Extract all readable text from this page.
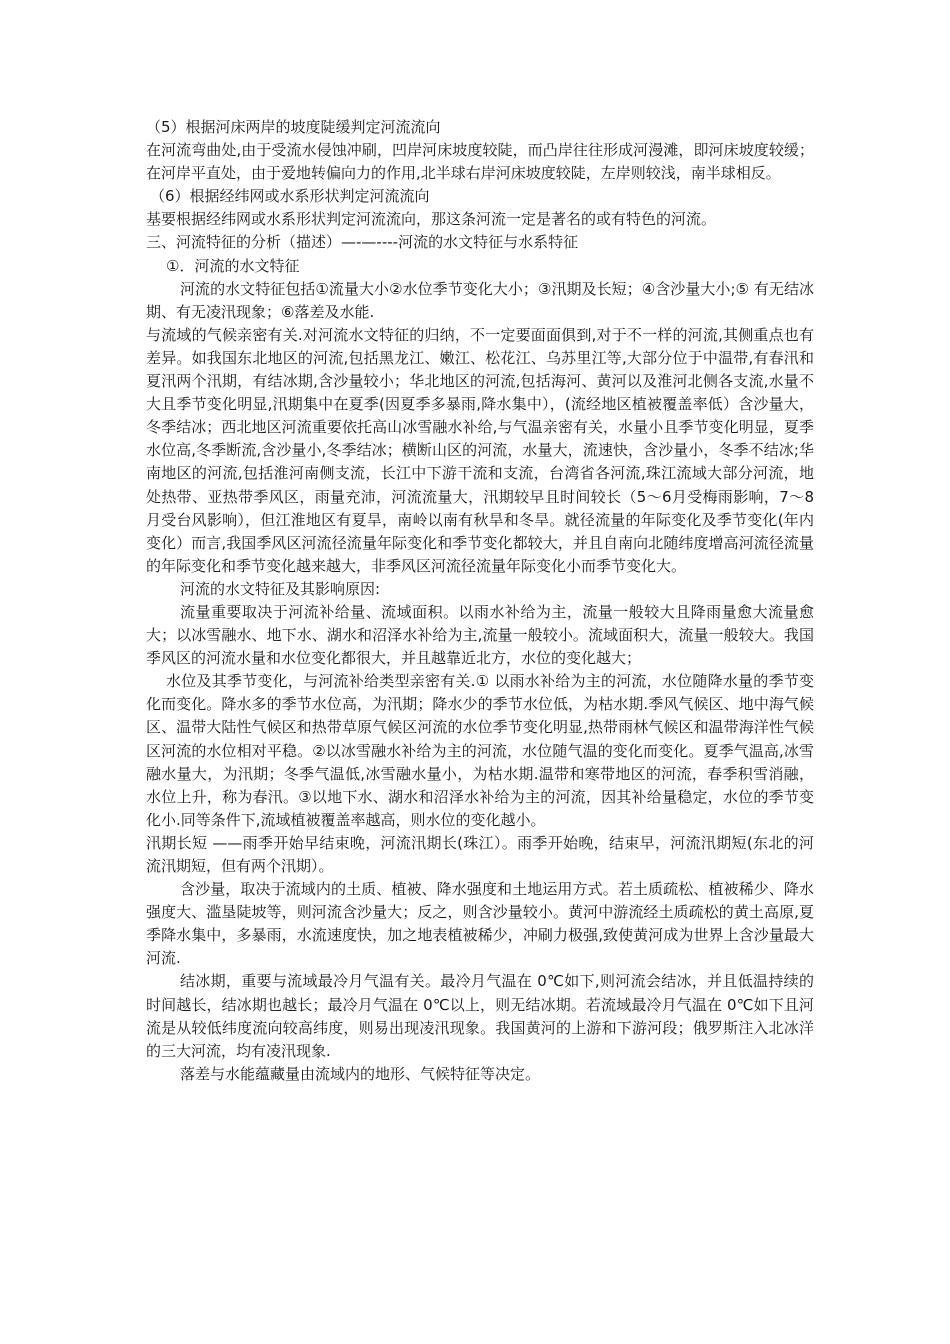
（5）根据河床两岸的坡度陡缓判定河流流向

在河流弯曲处,由于受流水侵蚀冲刷，凹岸河床坡度较陡，而凸岸往往形成河漫滩，即河床坡度较缓；在河岸平直处，由于爱地转偏向力的作用,北半球右岸河床坡度较陡，左岸则较浅，南半球相反。

（6）根据经纬网或水系形状判定河流流向

基要根据经纬网或水系形状判定河流流向，那这条河流一定是著名的或有特色的河流。

三、河流特征的分析（描述）—-—----河流的水文特征与水系特征

①．河流的水文特征

河流的水文特征包括①流量大小②水位季节变化大小；③汛期及长短；④含沙量大小;⑤ 有无结冰期、有无凌汛现象；⑥落差及水能.

与流域的气候亲密有关.对河流水文特征的归纳，不一定要面面俱到,对于不一样的河流,其侧重点也有差异。如我国东北地区的河流,包括黑龙江、嫩江、松花江、乌苏里江等,大部分位于中温带,有春汛和夏汛两个汛期，有结冰期,含沙量较小；华北地区的河流,包括海河、黄河以及淮河北侧各支流,水量不大且季节变化明显,汛期集中在夏季(因夏季多暴雨,降水集中），(流经地区植被覆盖率低）含沙量大，冬季结冰；西北地区河流重要依托高山冰雪融水补给,与气温亲密有关，水量小且季节变化明显，夏季水位高,冬季断流,含沙量小,冬季结冰；横断山区的河流，水量大，流速快，含沙量小，冬季不结冰;华南地区的河流,包括淮河南侧支流，长江中下游干流和支流，台湾省各河流,珠江流域大部分河流，地处热带、亚热带季风区，雨量充沛，河流流量大，汛期较早且时间较长（5～6月受梅雨影响，7～8月受台风影响），但江淮地区有夏旱，南岭以南有秋旱和冬旱。就径流量的年际变化及季节变化(年内变化）而言,我国季风区河流径流量年际变化和季节变化都较大，并且自南向北随纬度增高河流径流量的年际变化和季节变化越来越大，非季风区河流径流量年际变化小而季节变化大。

河流的水文特征及其影响原因:

流量重要取决于河流补给量、流域面积。以雨水补给为主，流量一般较大且降雨量愈大流量愈大；以冰雪融水、地下水、湖水和沼泽水补给为主,流量一般较小。流域面积大，流量一般较大。我国季风区的河流水量和水位变化都很大，并且越靠近北方，水位的变化越大；

水位及其季节变化，与河流补给类型亲密有关.① 以雨水补给为主的河流，水位随降水量的季节变化而变化。降水多的季节水位高，为汛期；降水少的季节水位低，为枯水期.季风气候区、地中海气候区、温带大陆性气候区和热带草原气候区河流的水位季节变化明显,热带雨林气候区和温带海洋性气候区河流的水位相对平稳。②以冰雪融水补给为主的河流，水位随气温的变化而变化。夏季气温高,冰雪融水量大，为汛期；冬季气温低,冰雪融水量小，为枯水期.温带和寒带地区的河流，春季积雪消融，水位上升，称为春汛。③以地下水、湖水和沼泽水补给为主的河流，因其补给量稳定，水位的季节变化小.同等条件下,流域植被覆盖率越高，则水位的变化越小。

汛期长短 ——雨季开始早结束晚，河流汛期长(珠江）。雨季开始晚，结束早，河流汛期短(东北的河流汛期短，但有两个汛期）。

含沙量，取决于流域内的土质、植被、降水强度和土地运用方式。若土质疏松、植被稀少、降水强度大、滥垦陡坡等，则河流含沙量大；反之，则含沙量较小。黄河中游流经土质疏松的黄土高原,夏季降水集中，多暴雨，水流速度快，加之地表植被稀少，冲刷力极强,致使黄河成为世界上含沙量最大河流.

结冰期，重要与流域最冷月气温有关。最冷月气温在 0℃如下,则河流会结冰，并且低温持续的时间越长，结冰期也越长；最冷月气温在 0℃以上，则无结冰期。若流域最冷月气温在 0℃如下且河流是从较低纬度流向较高纬度，则易出现凌汛现象。我国黄河的上游和下游河段；俄罗斯注入北冰洋的三大河流，均有凌汛现象.

落差与水能蕴藏量由流域内的地形、气候特征等决定。
